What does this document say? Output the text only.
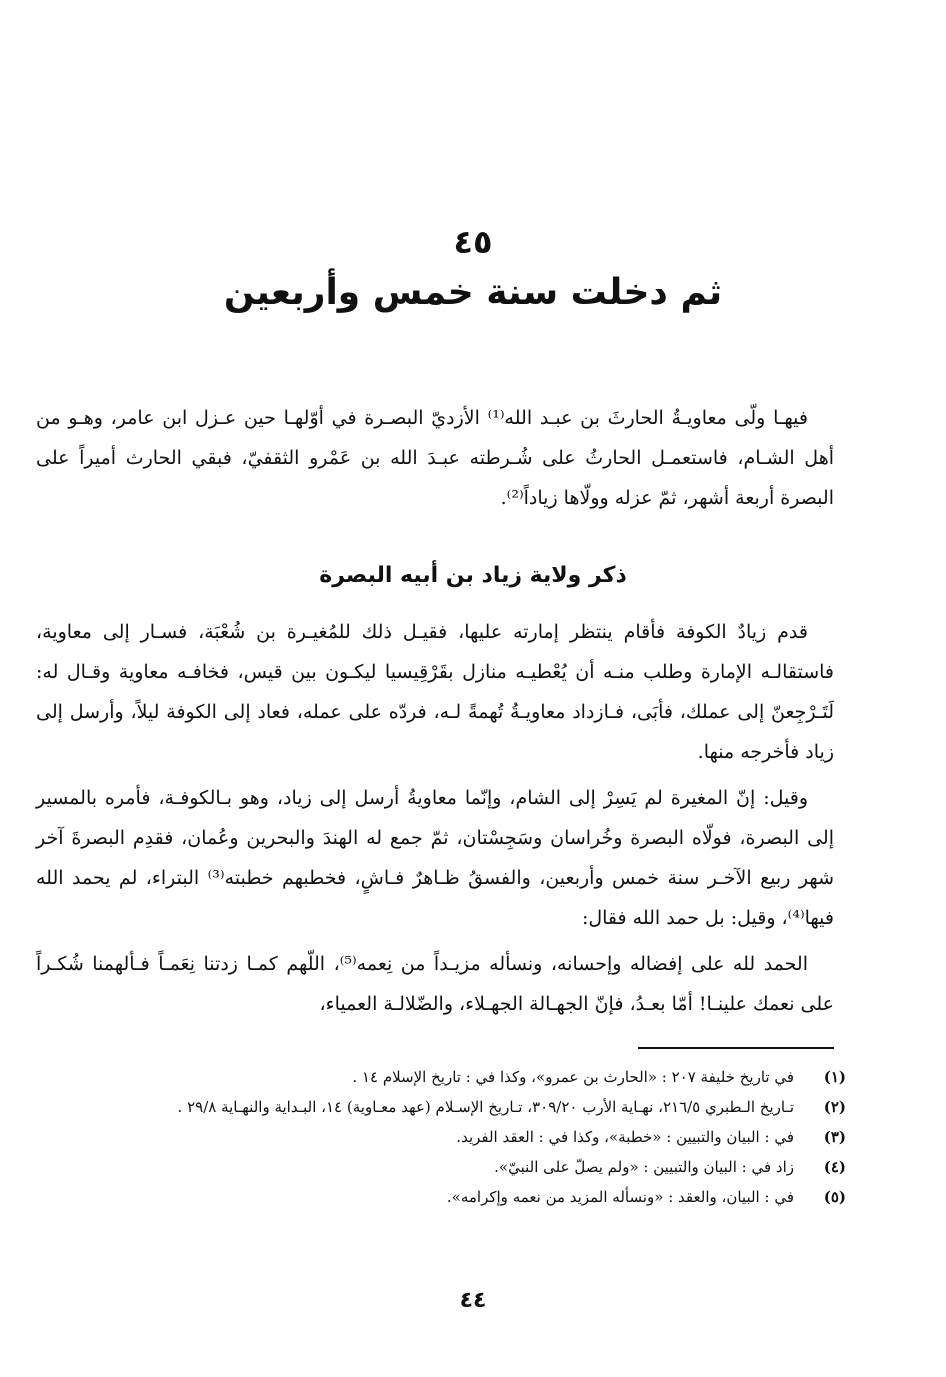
٤٥
ثم دخلت سنة خمس وأربعين

فيهـا ولّى معاويـةُ الحارثَ بن عبـد الله⁽¹⁾ الأزديّ البصـرة في أوّلهـا حين عـزل ابن عامر، وهـو من أهل الشـام، فاستعمـل الحارثُ على شُـرطته عبـدَ الله بن عَمْرو الثقفيّ، فبقي الحارث أميراً على البصرة أربعة أشهر، ثمّ عزله وولّاها زياداً⁽²⁾.

ذكر ولاية زياد بن أبيه البصرة

قدم زيادٌ الكوفة فأقام ينتظر إمارته عليها، فقيـل ذلك للمُغيـرة بن شُعْبَة، فسـار إلى معاوية، فاستقالـه الإمارة وطلب منـه أن يُعْطيـه منازل بقَرْقِيسيا ليكـون بين قيس، فخافـه معاوية وقـال له: لَتَـرْجِعنّ إلى عملك، فأبَى، فـازداد معاويـةُ تُهمةً لـه، فردّه على عمله، فعاد إلى الكوفة ليلاً، وأرسل إلى زياد فأخرجه منها.

وقيل: إنّ المغيرة لم يَسِرْ إلى الشام، وإنّما معاويةُ أرسل إلى زياد، وهو بـالكوفـة، فأمره بالمسير إلى البصرة، فولّاه البصرة وخُراسان وسَجِسْتان، ثمّ جمع له الهندَ والبحرين وعُمان، فقدِم البصرةَ آخر شهر ربيع الآخـر سنة خمس وأربعين، والفسقُ ظـاهرٌ فـاشٍ، فخطبهم خطبته⁽³⁾ البتراء، لم يحمد الله فيها⁽⁴⁾، وقيل: بل حمد الله فقال:

الحمد لله على إفضاله وإحسانه، ونسأله مزيـداً من نِعمه⁽⁵⁾، اللّهم كمـا زدتنا نِعَمـاً فـألهمنا شُكـراً على نعمك علينـا! أمّا بعـدُ، فإنّ الجهـالة الجهـلاء، والضّلالـة العمياء،

(١)
في تاريخ خليفة ٢٠٧ : «الحارث بن عمرو»، وكذا في : تاريخ الإسلام ١٤ .
(٢)
تـاريخ الـطبري ٢١٦/٥، نهـاية الأرب ٣٠٩/٢٠، تـاريخ الإسـلام (عهد معـاوية) ١٤، البـداية والنهـاية ٢٩/٨ .
(٣)
في : البيان والتبيين : «خطبة»، وكذا في : العقد الفريد.
(٤)
زاد في : البيان والتبيين : «ولم يصلّ على النبيّ».
(٥)
في : البيان، والعقد : «ونسأله المزيد من نعمه وإكرامه».
٤٤
